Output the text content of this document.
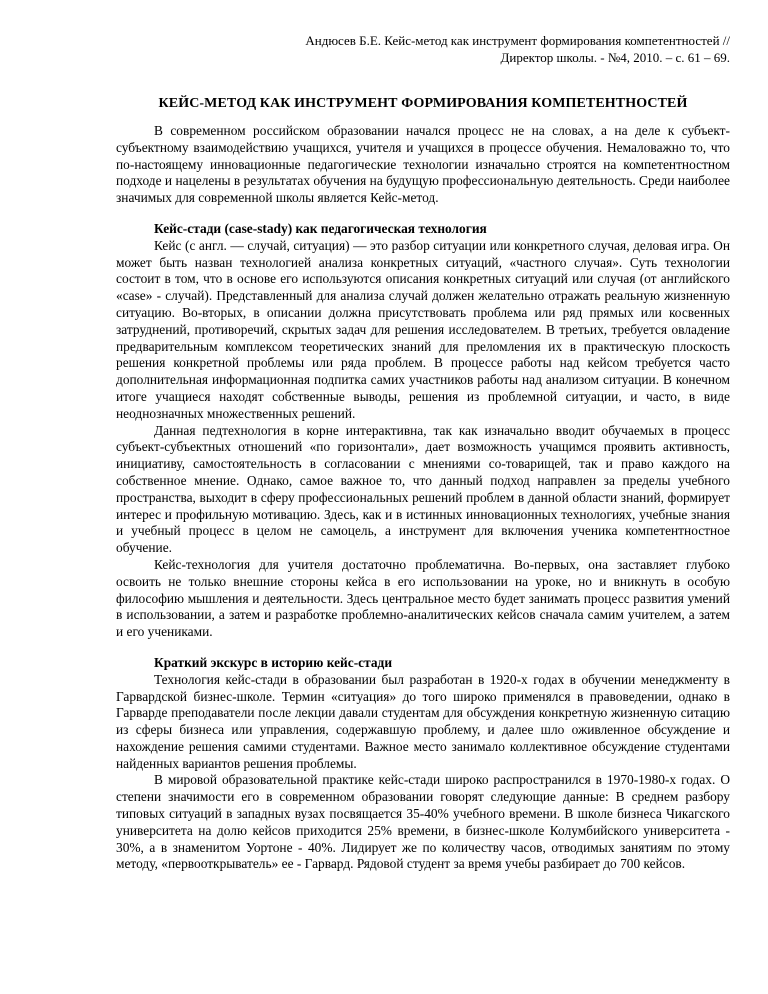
Андюсев Б.Е. Кейс-метод как инструмент формирования компетентностей //
Директор школы. - №4, 2010. – с. 61 – 69.
КЕЙС-МЕТОД КАК ИНСТРУМЕНТ ФОРМИРОВАНИЯ КОМПЕТЕНТНОСТЕЙ

В современном российском образовании начался процесс не на словах, а на деле к субъект-субъектному взаимодействию учащихся, учителя и учащихся в процессе обучения. Немаловажно то, что по-настоящему инновационные педагогические технологии изначально строятся на компетентностном подходе и нацелены в результатах обучения на будущую профессиональную деятельность. Среди наиболее значимых для современной школы является Кейс-метод.

Кейс-стади (case-stady) как педагогическая технология

Кейс (с англ. — случай, ситуация) — это разбор ситуации или конкретного случая, деловая игра. Он может быть назван технологией анализа конкретных ситуаций, «частного случая». Суть технологии состоит в том, что в основе его используются описания конкретных ситуаций или случая (от английского «case» - случай). Представленный для анализа случай должен желательно отражать реальную жизненную ситуацию. Во-вторых, в описании должна присутствовать проблема или ряд прямых или косвенных затруднений, противоречий, скрытых задач для решения исследователем. В третьих, требуется овладение предварительным комплексом теоретических знаний для преломления их в практическую плоскость решения конкретной проблемы или ряда проблем. В процессе работы над кейсом требуется часто дополнительная информационная подпитка самих участников работы над анализом ситуации. В конечном итоге учащиеся находят собственные выводы, решения из проблемной ситуации, и часто, в виде неоднозначных множественных решений.

Данная педтехнология в корне интерактивна, так как изначально вводит обучаемых в процесс субъект-субъектных отношений «по горизонтали», дает возможность учащимся проявить активность, инициативу, самостоятельность в согласовании с мнениями со-товарищей, так и право каждого на собственное мнение. Однако, самое важное то, что данный подход направлен за пределы учебного пространства, выходит в сферу профессиональных решений проблем в данной области знаний, формирует интерес и профильную мотивацию. Здесь, как и в истинных инновационных технологиях, учебные знания и учебный процесс в целом не самоцель, а инструмент для включения ученика компетентностное обучение.

Кейс-технология для учителя достаточно проблематична. Во-первых, она заставляет глубоко освоить не только внешние стороны кейса в его использовании на уроке, но и вникнуть в особую философию мышления и деятельности. Здесь центральное место будет занимать процесс развития умений в использовании, а затем и разработке проблемно-аналитических кейсов сначала самим учителем, а затем и его учениками.

Краткий экскурс в историю кейс-стади

Технология кейс-стади в образовании был разработан в 1920-х годах в обучении менеджменту в Гарвардской бизнес-школе. Термин «ситуация» до того широко применялся в правоведении, однако в Гарварде преподаватели после лекции давали студентам для обсуждения конкретную жизненную ситацию из сферы бизнеса или управления, содержавшую проблему, и далее шло оживленное обсуждение и нахождение решения самими студентами. Важное место занимало коллективное обсуждение студентами найденных вариантов решения проблемы.

В мировой образовательной практике кейс-стади широко распространился в 1970-1980-х годах. О степени значимости его в современном образовании говорят следующие данные: В среднем разбору типовых ситуаций в западных вузах посвящается 35-40% учебного времени. В школе бизнеса Чикагского университета на долю кейсов приходится 25% времени, в бизнес-школе Колумбийского университета - 30%, а в знаменитом Уортоне - 40%. Лидирует же по количеству часов, отводимых занятиям по этому методу, «первооткрыватель» ее - Гарвард. Рядовой студент за время учебы разбирает до 700 кейсов.
